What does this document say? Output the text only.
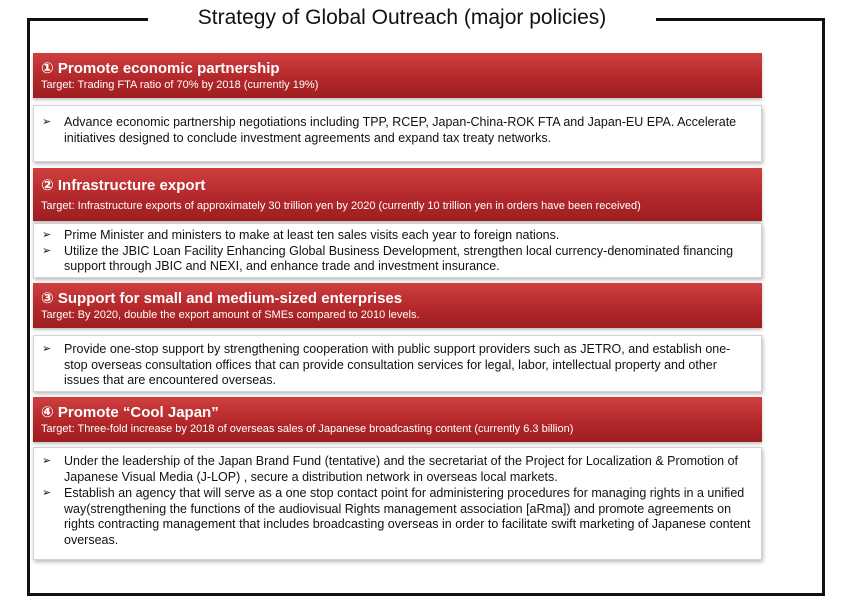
Strategy of Global Outreach (major policies)
① Promote economic partnership
Target: Trading FTA ratio of 70% by 2018 (currently 19%)
➢ Advance economic partnership negotiations including TPP, RCEP, Japan-China-ROK FTA and Japan-EU EPA. Accelerate initiatives designed to conclude investment agreements and expand tax treaty networks.
② Infrastructure export
Target: Infrastructure exports of approximately 30 trillion yen by 2020 (currently 10 trillion yen in orders have been received)
➢ Prime Minister and ministers to make at least ten sales visits each year to foreign nations.
➢ Utilize the JBIC Loan Facility Enhancing Global Business Development, strengthen local currency-denominated financing support through JBIC and NEXI, and enhance trade and investment insurance.
③ Support for small and medium-sized enterprises
Target: By 2020, double the export amount of SMEs compared to 2010 levels.
➢ Provide one-stop support by strengthening cooperation with public support providers such as JETRO, and establish one-stop overseas consultation offices that can provide consultation services for legal, labor, intellectual property and other issues that are encountered overseas.
④ Promote “Cool Japan”
Target: Three-fold increase by 2018 of overseas sales of Japanese broadcasting content (currently 6.3 billion)
➢ Under the leadership of the Japan Brand Fund (tentative) and the secretariat of the Project for Localization & Promotion of Japanese Visual Media (J-LOP) , secure a distribution network in overseas local markets.
➢ Establish an agency that will serve as a one stop contact point for administering procedures for managing rights in a unified way(strengthening the functions of the audiovisual Rights management association [aRma]) and promote agreements on rights contracting management that includes broadcasting overseas in order to facilitate swift marketing of Japanese content overseas.
